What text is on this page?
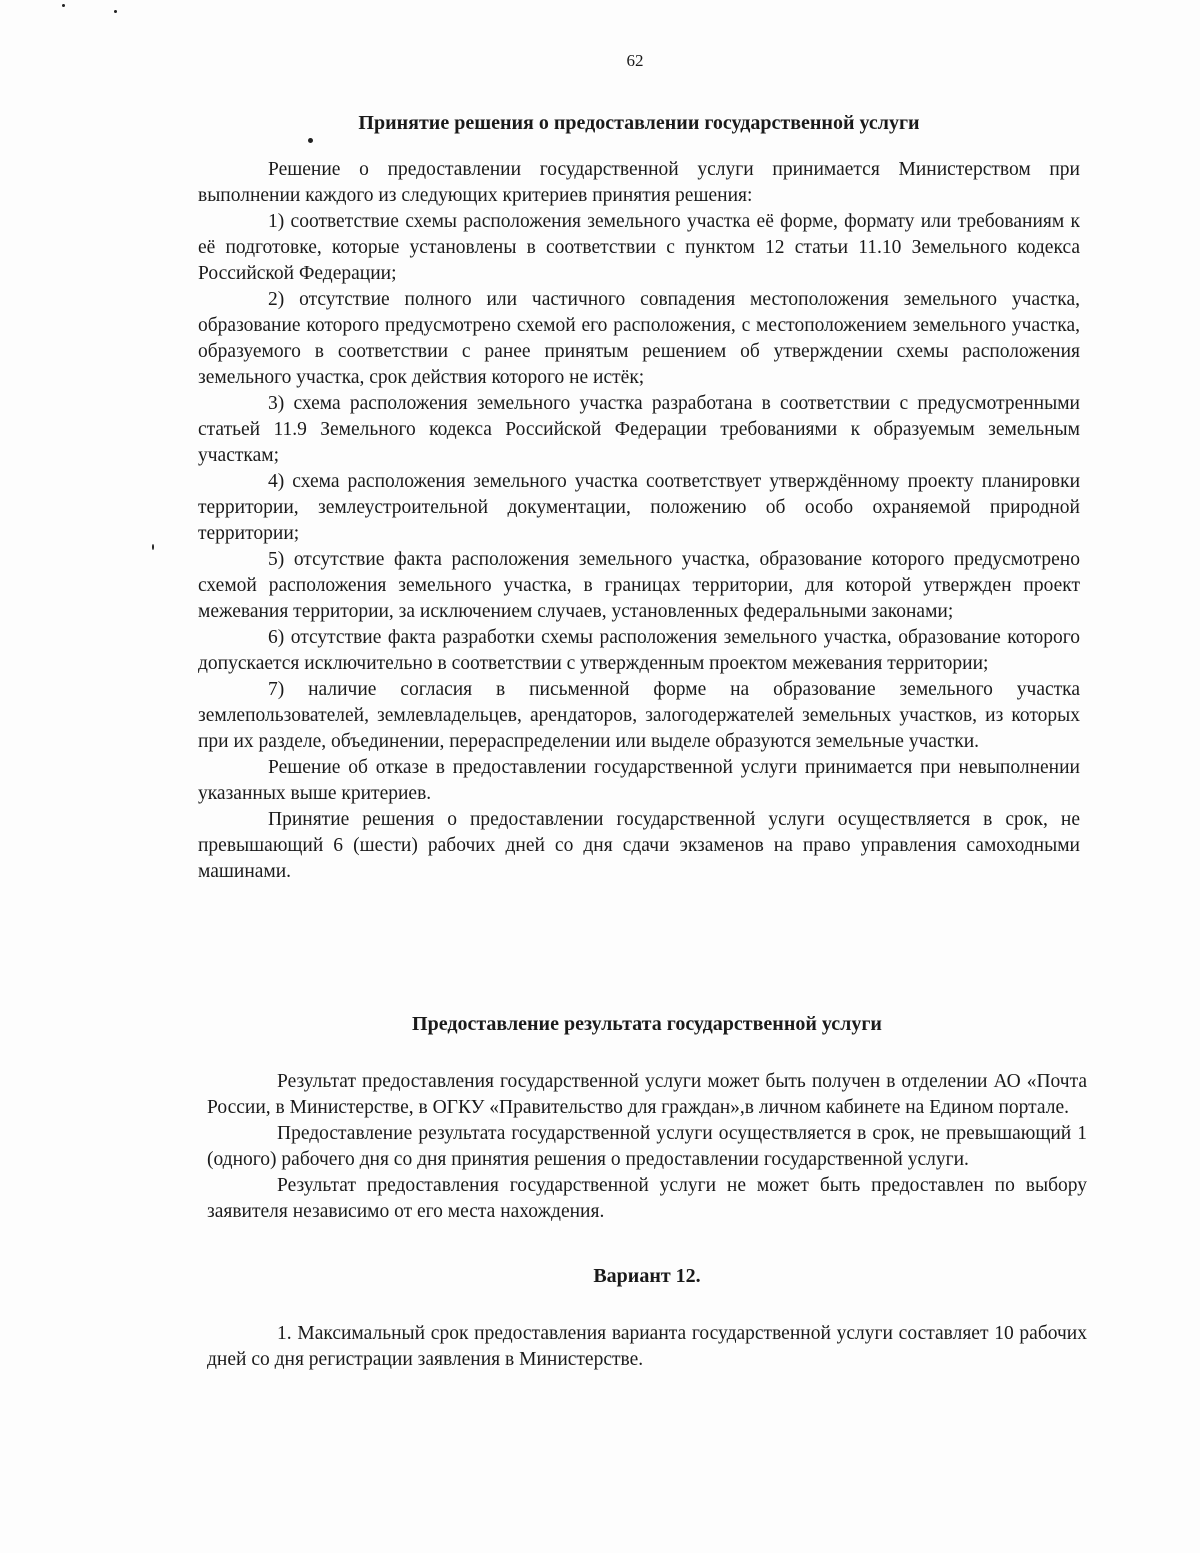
62
Принятие решения о предоставлении государственной услуги

Решение о предоставлении государственной услуги принимается Министерством при выполнении каждого из следующих критериев принятия решения:

1) соответствие схемы расположения земельного участка её форме, формату или требованиям к её подготовке, которые установлены в соответствии с пунктом 12 статьи 11.10 Земельного кодекса Российской Федерации;

2) отсутствие полного или частичного совпадения местоположения земельного участка, образование которого предусмотрено схемой его расположения, с местоположением земельного участка, образуемого в соответствии с ранее принятым решением об утверждении схемы расположения земельного участка, срок действия которого не истёк;

3) схема расположения земельного участка разработана в соответствии с предусмотренными статьей 11.9 Земельного кодекса Российской Федерации требованиями к образуемым земельным участкам;

4) схема расположения земельного участка соответствует утверждённому проекту планировки территории, землеустроительной документации, положению об особо охраняемой природной территории;

5) отсутствие факта расположения земельного участка, образование которого предусмотрено схемой расположения земельного участка, в границах территории, для которой утвержден проект межевания территории, за исключением случаев, установленных федеральными законами;

6) отсутствие факта разработки схемы расположения земельного участка, образование которого допускается исключительно в соответствии с утвержденным проектом межевания территории;

7) наличие согласия в письменной форме на образование земельного участка землепользователей, землевладельцев, арендаторов, залогодержателей земельных участков, из которых при их разделе, объединении, перераспределении или выделе образуются земельные участки.

Решение об отказе в предоставлении государственной услуги принимается при невыполнении указанных выше критериев.

Принятие решения о предоставлении государственной услуги осуществляется в срок, не превышающий 6 (шести) рабочих дней со дня сдачи экзаменов на право управления самоходными машинами.

Предоставление результата государственной услуги

Результат предоставления государственной услуги может быть получен в отделении АО «Почта России, в Министерстве, в ОГКУ «Правительство для граждан»,в личном кабинете на Едином портале.

Предоставление результата государственной услуги осуществляется в срок, не превышающий 1 (одного) рабочего дня со дня принятия решения о предоставлении государственной услуги.

Результат предоставления государственной услуги не может быть предоставлен по выбору заявителя независимо от его места нахождения.

Вариант 12.

1. Максимальный срок предоставления варианта государственной услуги составляет 10 рабочих дней со дня регистрации заявления в Министерстве.
